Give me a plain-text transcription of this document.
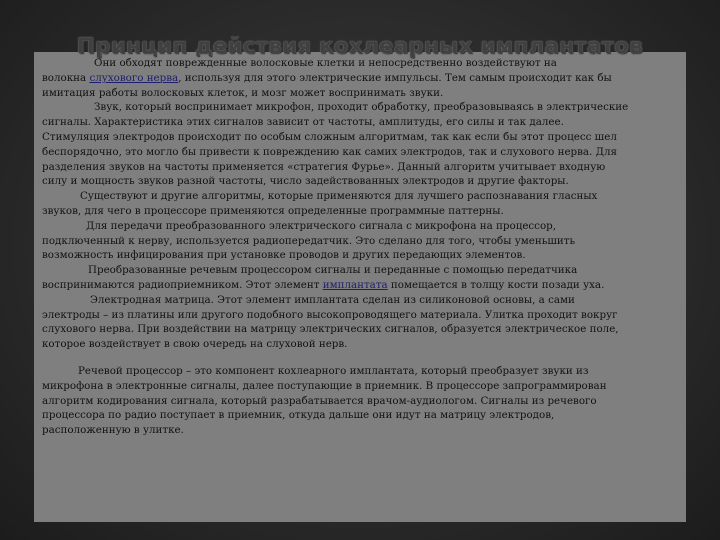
Они обходят поврежденные волосковые клетки и непосредственно воздействуют на
волокна слухового нерва, используя для этого электрические импульсы. Тем самым происходит как бы
имитация работы волосковых клеток, и мозг может воспринимать звуки.
Звук, который воспринимает микрофон, проходит обработку, преобразовываясь в электрические
сигналы. Характеристика этих сигналов зависит от частоты, амплитуды, его силы и так далее.
Стимуляция электродов происходит по особым сложным алгоритмам, так как если бы этот процесс шел
беспорядочно, это могло бы привести к повреждению как самих электродов, так и слухового нерва. Для
разделения звуков на частоты применяется «стратегия Фурье». Данный алгоритм учитывает входную
силу и мощность звуков разной частоты, число задействованных электродов и другие факторы.
Существуют и другие алгоритмы, которые применяются для лучшего распознавания гласных
звуков, для чего в процессоре применяются определенные программные паттерны.
Для передачи преобразованного электрического сигнала с микрофона на процессор,
подключенный к нерву, используется радиопередатчик. Это сделано для того, чтобы уменьшить
возможность инфицирования при установке проводов и других передающих элементов.
Преобразованные речевым процессором сигналы и переданные с помощью передатчика
воспринимаются радиоприемником. Этот элемент имплантата помещается в толщу кости позади уха.
Электродная матрица. Этот элемент имплантата сделан из силиконовой основы, а сами
электроды – из платины или другого подобного высокопроводящего материала. Улитка проходит вокруг
слухового нерва. При воздействии на матрицу электрических сигналов, образуется электрическое поле,
которое воздействует в свою очередь на слуховой нерв.
Речевой процессор – это компонент кохлеарного имплантата, который преобразует звуки из
микрофона в электронные сигналы, далее поступающие в приемник. В процессоре запрограммирован
алгоритм кодирования сигнала, который разрабатывается врачом-аудиологом. Сигналы из речевого
процессора по радио поступает в приемник, откуда дальше они идут на матрицу электродов,
расположенную в улитке.
Принцип действия кохлеарных имплантатов
